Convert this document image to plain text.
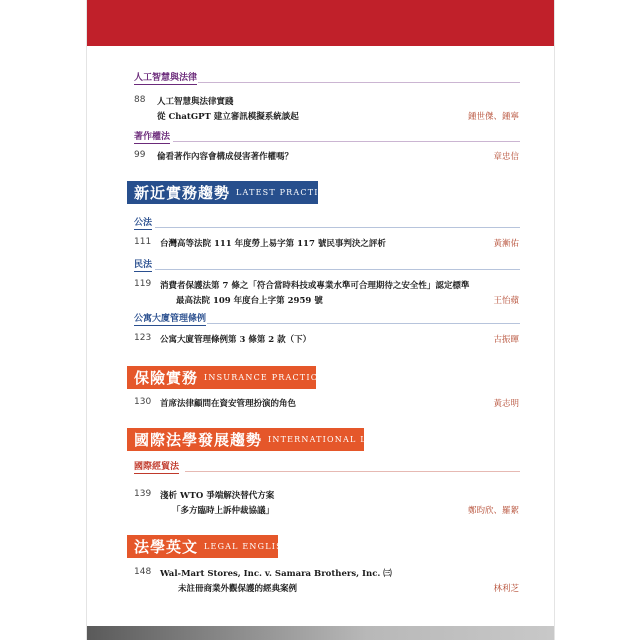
人工智慧與法律
88 人工智慧與法律實踐
從 ChatGPT 建立審訊模擬系統談起	鍾世傑、鍾寧
著作權法
99 倫看著作內容會構成侵害著作權嗎？	章忠信
新近實務趨勢 LATEST PRACTICE
公法
111 台灣高等法院 111 年度勞上易字第 117 號民事判決之評析	黃漸佑
民法
119 消費者保護法第 7 條之「符合當時科技或專業水準可合理期待之安全性」認定標準
最高法院 109 年度台上字第 2959 號	王怡蘋
公寓大廈管理條例
123 公寓大廈管理條例第 3 條第 2 款（下）	古振暉
保險實務 INSURANCE PRACTICE
130 首席法律顧問在資安管理扮演的角色	黃志明
國際法學發展趨勢 INTERNATIONAL LAW
國際經貿法
139 淺析 WTO 爭端解決替代方案
「多方臨時上訴仲裁協議」	鄭昀欣、羅絮
法學英文 LEGAL ENGLISH
148 Wal-Mart Stores, Inc. v. Samara Brothers, Inc. ㈢
未註冊商業外觀保護的經典案例	林利芝
